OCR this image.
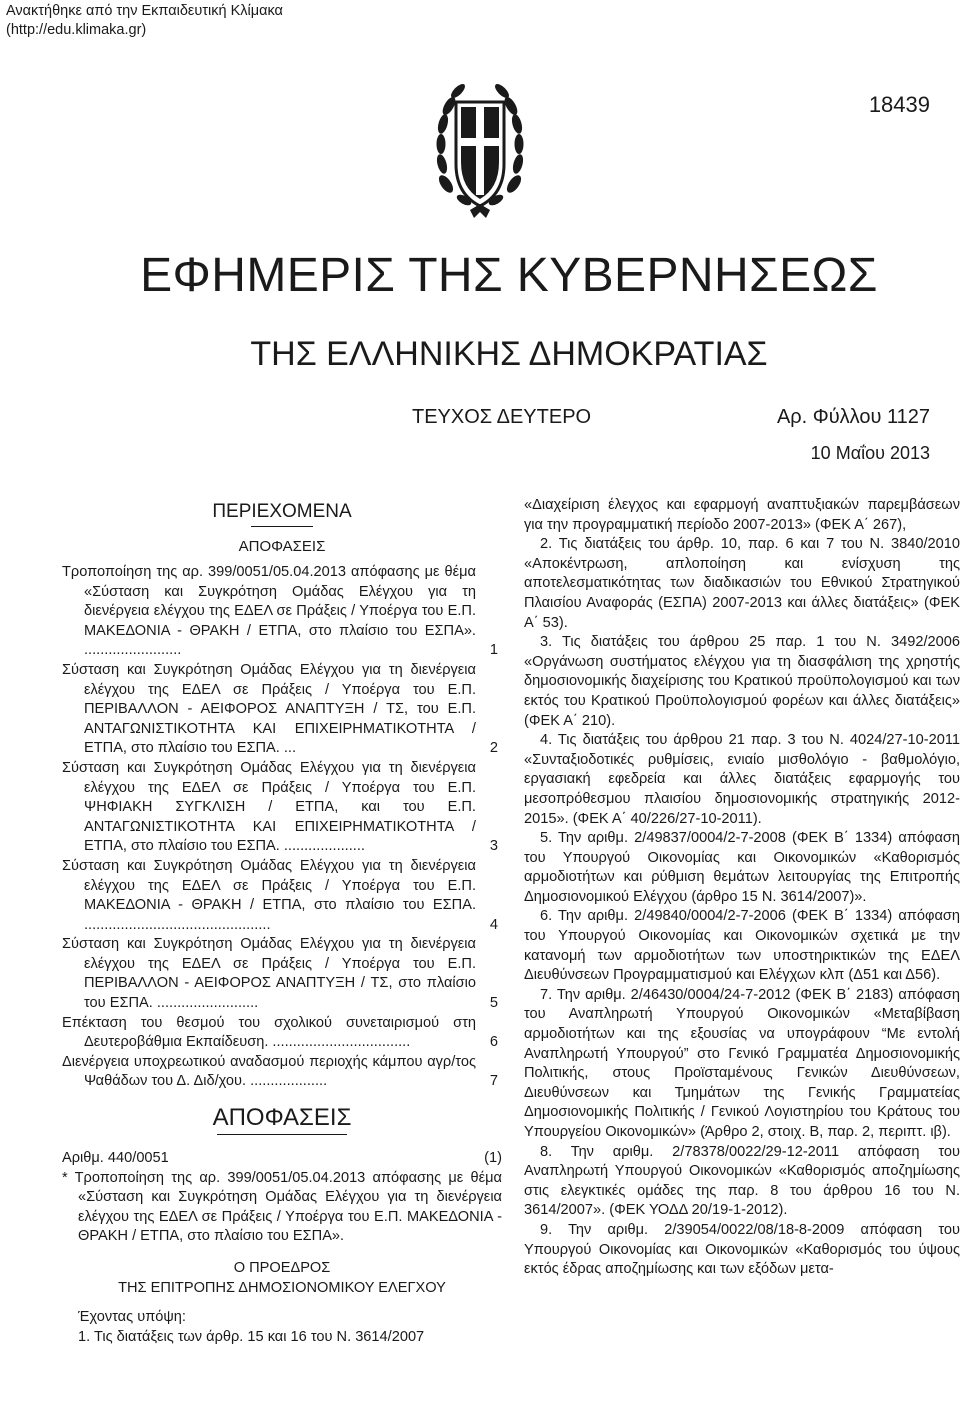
Ανακτήθηκε από την Εκπαιδευτική Κλίμακα
(http://edu.klimaka.gr)
18439
ΕΦΗΜΕΡΙΣ ΤΗΣ ΚΥΒΕΡΝΗΣΕΩΣ
ΤΗΣ ΕΛΛΗΝΙΚΗΣ ΔΗΜΟΚΡΑΤΙΑΣ
ΤΕΥΧΟΣ ΔΕΥΤΕΡΟ	Αρ. Φύλλου 1127
10 Μαΐου 2013
ΠΕΡΙΕΧΟΜΕΝΑ
ΑΠΟΦΑΣΕΙΣ
Τροποποίηση της αρ. 399/0051/05.04.2013 απόφασης με θέμα «Σύσταση και Συγκρότηση Ομάδας Ελέγχου για τη διενέργεια ελέγχου της ΕΔΕΛ σε Πράξεις / Υποέργα του Ε.Π. ΜΑΚΕΔΟΝΙΑ - ΘΡΑΚΗ / ΕΤΠΑ, στο πλαίσιο του ΕΣΠΑ». ........................	1
Σύσταση και Συγκρότηση Ομάδας Ελέγχου για τη διενέργεια ελέγχου της ΕΔΕΛ σε Πράξεις / Υποέργα του Ε.Π. ΠΕΡΙΒΑΛΛΟΝ - ΑΕΙΦΟΡΟΣ ΑΝΑΠΤΥΞΗ / ΤΣ, του Ε.Π. ΑΝΤΑΓΩΝΙΣΤΙΚΟΤΗΤΑ ΚΑΙ ΕΠΙΧΕΙΡΗΜΑΤΙΚΟΤΗΤΑ / ΕΤΠΑ, στο πλαίσιο του ΕΣΠΑ. ...	2
Σύσταση και Συγκρότηση Ομάδας Ελέγχου για τη διενέργεια ελέγχου της ΕΔΕΛ σε Πράξεις / Υποέργα του Ε.Π. ΨΗΦΙΑΚΗ ΣΥΓΚΛΙΣΗ / ΕΤΠΑ, και του Ε.Π. ΑΝΤΑΓΩΝΙΣΤΙΚΟΤΗΤΑ ΚΑΙ ΕΠΙΧΕΙΡΗΜΑΤΙΚΟΤΗΤΑ / ΕΤΠΑ, στο πλαίσιο του ΕΣΠΑ. ....................	3
Σύσταση και Συγκρότηση Ομάδας Ελέγχου για τη διενέργεια ελέγχου της ΕΔΕΛ σε Πράξεις / Υποέργα του Ε.Π. ΜΑΚΕΔΟΝΙΑ - ΘΡΑΚΗ / ΕΤΠΑ, στο πλαίσιο του ΕΣΠΑ. ..............................................	4
Σύσταση και Συγκρότηση Ομάδας Ελέγχου για τη διενέργεια ελέγχου της ΕΔΕΛ σε Πράξεις / Υποέργα του Ε.Π. ΠΕΡΙΒΑΛΛΟΝ - ΑΕΙΦΟΡΟΣ ΑΝΑΠΤΥΞΗ / ΤΣ, στο πλαίσιο του ΕΣΠΑ. .........................	5
Επέκταση του θεσμού του σχολικού συνεταιρισμού στη Δευτεροβάθμια Εκπαίδευση. ..................................	6
Διενέργεια υποχρεωτικού αναδασμού περιοχής κάμπου αγρ/τος Ψαθάδων του Δ. Διδ/χου. ...................	7
ΑΠΟΦΑΣΕΙΣ
Αριθμ. 440/0051	(1)
* Τροποποίηση της αρ. 399/0051/05.04.2013 απόφασης με θέμα «Σύσταση και Συγκρότηση Ομάδας Ελέγχου για τη διενέργεια ελέγχου της ΕΔΕΛ σε Πράξεις / Υποέργα του Ε.Π. ΜΑΚΕΔΟΝΙΑ - ΘΡΑΚΗ / ΕΤΠΑ, στο πλαίσιο του ΕΣΠΑ».
Ο ΠΡΟΕΔΡΟΣ
ΤΗΣ ΕΠΙΤΡΟΠΗΣ ΔΗΜΟΣΙΟΝΟΜΙΚΟΥ ΕΛΕΓΧΟΥ
Έχοντας υπόψη:
1. Τις διατάξεις των άρθρ. 15 και 16 του Ν. 3614/2007
«Διαχείριση έλεγχος και εφαρμογή αναπτυξιακών παρεμβάσεων για την προγραμματική περίοδο 2007-2013» (ΦΕΚ Α΄ 267),
2. Τις διατάξεις του άρθρ. 10, παρ. 6 και 7 του Ν. 3840/2010 «Αποκέντρωση, απλοποίηση και ενίσχυση της αποτελεσματικότητας των διαδικασιών του Εθνικού Στρατηγικού Πλαισίου Αναφοράς (ΕΣΠΑ) 2007-2013 και άλλες διατάξεις» (ΦΕΚ Α΄ 53).
3. Τις διατάξεις του άρθρου 25 παρ. 1 του Ν. 3492/2006 «Οργάνωση συστήματος ελέγχου για τη διασφάλιση της χρηστής δημοσιονομικής διαχείρισης του Κρατικού προϋπολογισμού και των εκτός του Κρατικού Προϋπολογισμού φορέων και άλλες διατάξεις» (ΦΕΚ Α΄ 210).
4. Τις διατάξεις του άρθρου 21 παρ. 3 του Ν. 4024/27-10-2011 «Συνταξιοδοτικές ρυθμίσεις, ενιαίο μισθολόγιο - βαθμολόγιο, εργασιακή εφεδρεία και άλλες διατάξεις εφαρμογής του μεσοπρόθεσμου πλαισίου δημοσιονομικής στρατηγικής 2012-2015». (ΦΕΚ Α΄ 40/226/27-10-2011).
5. Την αριθμ. 2/49837/0004/2-7-2008 (ΦΕΚ Β΄ 1334) απόφαση του Υπουργού Οικονομίας και Οικονομικών «Καθορισμός αρμοδιοτήτων και ρύθμιση θεμάτων λειτουργίας της Επιτροπής Δημοσιονομικού Ελέγχου (άρθρο 15 Ν. 3614/2007)».
6. Την αριθμ. 2/49840/0004/2-7-2006 (ΦΕΚ Β΄ 1334) απόφαση του Υπουργού Οικονομίας και Οικονομικών σχετικά με την κατανομή των αρμοδιοτήτων των υποστηρικτικών της ΕΔΕΛ Διευθύνσεων Προγραμματισμού και Ελέγχων κλπ (Δ51 και Δ56).
7. Την αριθμ. 2/46430/0004/24-7-2012 (ΦΕΚ Β΄ 2183) απόφαση του Αναπληρωτή Υπουργού Οικονομικών «Μεταβίβαση αρμοδιοτήτων και της εξουσίας να υπογράφουν “Με εντολή Αναπληρωτή Υπουργού” στο Γενικό Γραμματέα Δημοσιονομικής Πολιτικής, στους Προϊσταμένους Γενικών Διευθύνσεων, Διευθύνσεων και Τμημάτων της Γενικής Γραμματείας Δημοσιονομικής Πολιτικής / Γενικού Λογιστηρίου του Κράτους του Υπουργείου Οικονομικών» (Άρθρο 2, στοιχ. Β, παρ. 2, περιπτ. ιβ).
8. Την αριθμ. 2/78378/0022/29-12-2011 απόφαση του Αναπληρωτή Υπουργού Οικονομικών «Καθορισμός αποζημίωσης στις ελεγκτικές ομάδες της παρ. 8 του άρθρου 16 του Ν. 3614/2007». (ΦΕΚ ΥΟΔΔ 20/19-1-2012).
9. Την αριθμ. 2/39054/0022/08/18-8-2009 απόφαση του Υπουργού Οικονομίας και Οικονομικών «Καθορισμός του ύψους εκτός έδρας αποζημίωσης και των εξόδων μετα-
